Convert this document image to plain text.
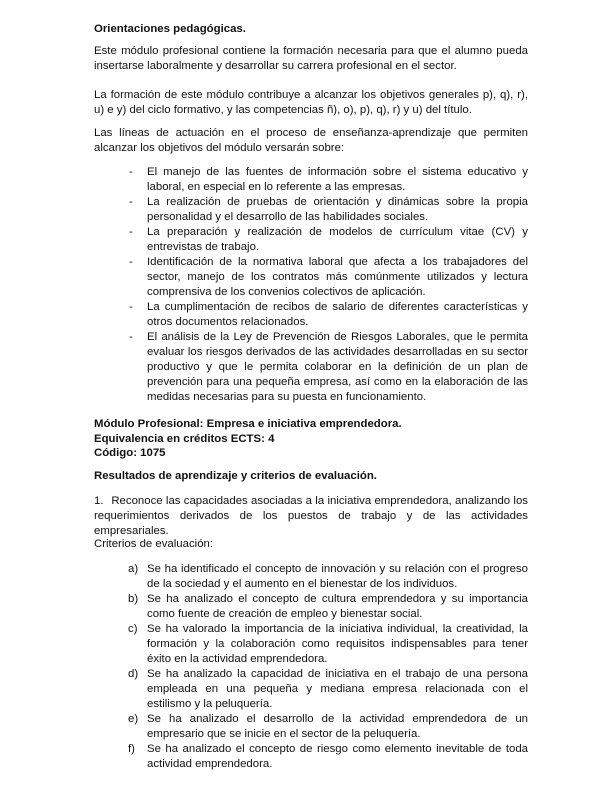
Orientaciones pedagógicas.
Este módulo profesional contiene la formación necesaria para que el alumno pueda insertarse laboralmente y desarrollar su carrera profesional en el sector.
La formación de este módulo contribuye a alcanzar los objetivos generales p), q), r), u) e y) del ciclo formativo, y las competencias ñ), o), p), q), r) y u) del título.
Las líneas de actuación en el proceso de enseñanza-aprendizaje que permiten alcanzar los objetivos del módulo versarán sobre:
- El manejo de las fuentes de información sobre el sistema educativo y laboral, en especial en lo referente a las empresas.
- La realización de pruebas de orientación y dinámicas sobre la propia personalidad y el desarrollo de las habilidades sociales.
- La preparación y realización de modelos de currículum vitae (CV) y entrevistas de trabajo.
- Identificación de la normativa laboral que afecta a los trabajadores del sector, manejo de los contratos más comúnmente utilizados y lectura comprensiva de los convenios colectivos de aplicación.
- La cumplimentación de recibos de salario de diferentes características y otros documentos relacionados.
- El análisis de la Ley de Prevención de Riesgos Laborales, que le permita evaluar los riesgos derivados de las actividades desarrolladas en su sector productivo y que le permita colaborar en la definición de un plan de prevención para una pequeña empresa, así como en la elaboración de las medidas necesarias para su puesta en funcionamiento.
Módulo Profesional: Empresa e iniciativa emprendedora.
Equivalencia en créditos ECTS: 4
Código: 1075
Resultados de aprendizaje y criterios de evaluación.
1. Reconoce las capacidades asociadas a la iniciativa emprendedora, analizando los requerimientos derivados de los puestos de trabajo y de las actividades empresariales.
Criterios de evaluación:
a) Se ha identificado el concepto de innovación y su relación con el progreso de la sociedad y el aumento en el bienestar de los individuos.
b) Se ha analizado el concepto de cultura emprendedora y su importancia como fuente de creación de empleo y bienestar social.
c) Se ha valorado la importancia de la iniciativa individual, la creatividad, la formación y la colaboración como requisitos indispensables para tener éxito en la actividad emprendedora.
d) Se ha analizado la capacidad de iniciativa en el trabajo de una persona empleada en una pequeña y mediana empresa relacionada con el estilismo y la peluquería.
e) Se ha analizado el desarrollo de la actividad emprendedora de un empresario que se inicie en el sector de la peluquería.
f) Se ha analizado el concepto de riesgo como elemento inevitable de toda actividad emprendedora.
